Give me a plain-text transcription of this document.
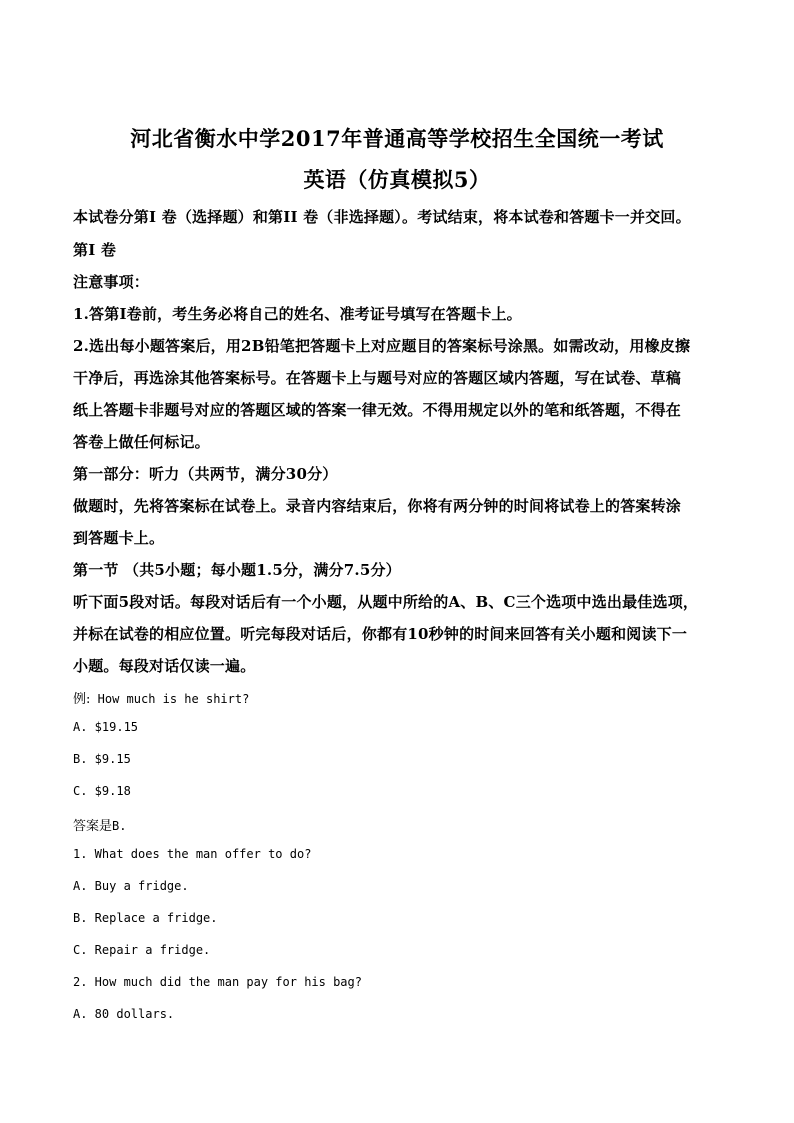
河北省衡水中学2017年普通高等学校招生全国统一考试
英语（仿真模拟5）
本试卷分第I 卷（选择题）和第II 卷（非选择题）。考试结束，将本试卷和答题卡一并交回。
第I 卷
注意事项：
1.答第I卷前，考生务必将自己的姓名、准考证号填写在答题卡上。
2.选出每小题答案后，用2B铅笔把答题卡上对应题目的答案标号涂黑。如需改动，用橡皮擦
干净后，再选涂其他答案标号。在答题卡上与题号对应的答题区域内答题，写在试卷、草稿
纸上答题卡非题号对应的答题区域的答案一律无效。不得用规定以外的笔和纸答题，不得在
答卷上做任何标记。
第一部分：听力（共两节，满分30分）
做题时，先将答案标在试卷上。录音内容结束后，你将有两分钟的时间将试卷上的答案转涂
到答题卡上。
第一节 （共5小题；每小题1.5分，满分7.5分）
听下面5段对话。每段对话后有一个小题，从题中所给的A、B、C三个选项中选出最佳选项，
并标在试卷的相应位置。听完每段对话后，你都有10秒钟的时间来回答有关小题和阅读下一
小题。每段对话仅读一遍。
例: How much is he shirt?
A. $19.15
B. $9.15
C. $9.18
答案是B.
1. What does the man offer to do?
A. Buy a fridge.
B. Replace a fridge.
C. Repair a fridge.
2. How much did the man pay for his bag?
A. 80 dollars.
